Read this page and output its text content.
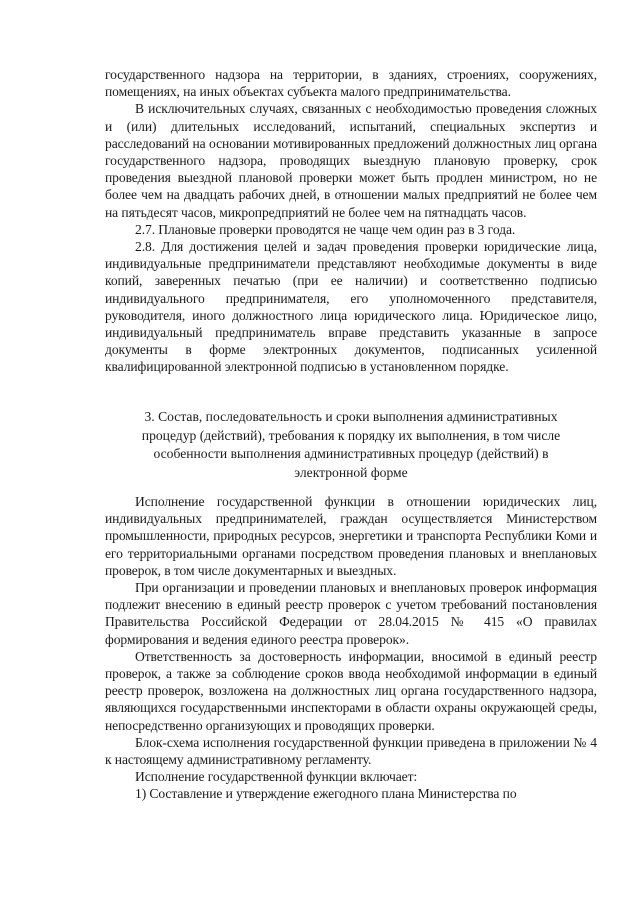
государственного надзора на территории, в зданиях, строениях, сооружениях, помещениях, на иных объектах субъекта малого предпринимательства.

В исключительных случаях, связанных с необходимостью проведения сложных и (или) длительных исследований, испытаний, специальных экспертиз и расследований на основании мотивированных предложений должностных лиц органа государственного надзора, проводящих выездную плановую проверку, срок проведения выездной плановой проверки может быть продлен министром, но не более чем на двадцать рабочих дней, в отношении малых предприятий не более чем на пятьдесят часов, микропредприятий не более чем на пятнадцать часов.

2.7. Плановые проверки проводятся не чаще чем один раз в 3 года.

2.8. Для достижения целей и задач проведения проверки юридические лица, индивидуальные предприниматели представляют необходимые документы в виде копий, заверенных печатью (при ее наличии) и соответственно подписью индивидуального предпринимателя, его уполномоченного представителя, руководителя, иного должностного лица юридического лица. Юридическое лицо, индивидуальный предприниматель вправе представить указанные в запросе документы в форме электронных документов, подписанных усиленной квалифицированной электронной подписью в установленном порядке.

3. Состав, последовательность и сроки выполнения административных
процедур (действий), требования к порядку их выполнения, в том числе
особенности выполнения административных процедур (действий) в
электронной форме

Исполнение государственной функции в отношении юридических лиц, индивидуальных предпринимателей, граждан осуществляется Министерством промышленности, природных ресурсов, энергетики и транспорта Республики Коми и его территориальными органами посредством проведения плановых и внеплановых проверок, в том числе документарных и выездных.

При организации и проведении плановых и внеплановых проверок информация подлежит внесению в единый реестр проверок с учетом требований постановления Правительства Российской Федерации от 28.04.2015 № 415 «О правилах формирования и ведения единого реестра проверок».

Ответственность за достоверность информации, вносимой в единый реестр проверок, а также за соблюдение сроков ввода необходимой информации в единый реестр проверок, возложена на должностных лиц органа государственного надзора, являющихся государственными инспекторами в области охраны окружающей среды, непосредственно организующих и проводящих проверки.

Блок-схема исполнения государственной функции приведена в приложении № 4 к настоящему административному регламенту.

Исполнение государственной функции включает:

1) Составление и утверждение ежегодного плана Министерства по
